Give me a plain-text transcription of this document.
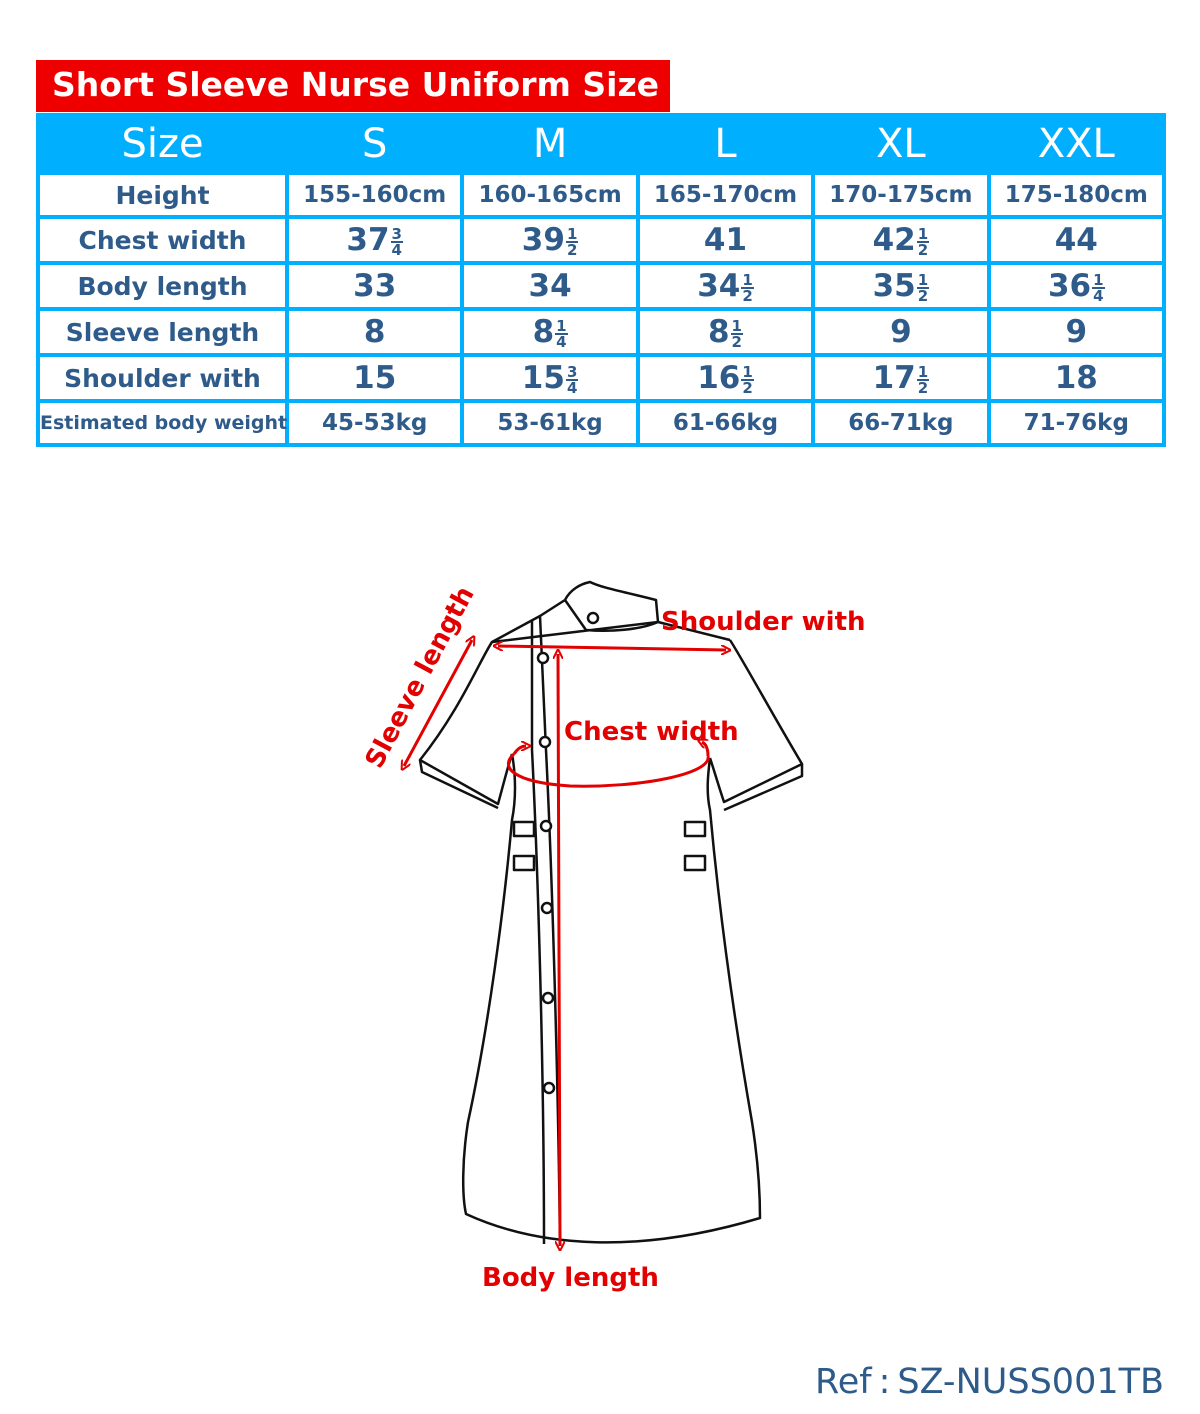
Short Sleeve Nurse Uniform Size Spec
Size	S	M	L	XL	XXL
Height	155-160cm	160-165cm	165-170cm	170-175cm	175-180cm
Chest width	$37 \frac{3}{4}$	$39 \frac{1}{2}$	41	$42 \frac{1}{2}$	44
Body length	33	34	$34 \frac{1}{2}$	$35 \frac{1}{2}$	$36 \frac{1}{4}$

Sleeve length	8	$8 \frac{1}{4}$	$8 \frac{1}{2}$	9	9
Shoulder with	15	$15 \frac{3}{4}$	$16 \frac{1}{2}$	$17 \frac{1}{2}$	18
Estimated body weight	45-53kg	53-61kg	61-66kg	66-71kg	71-76kg
Sleeve length	Shoulder with
Chest width
Body length
Ref : SZ-NUSS001TB
